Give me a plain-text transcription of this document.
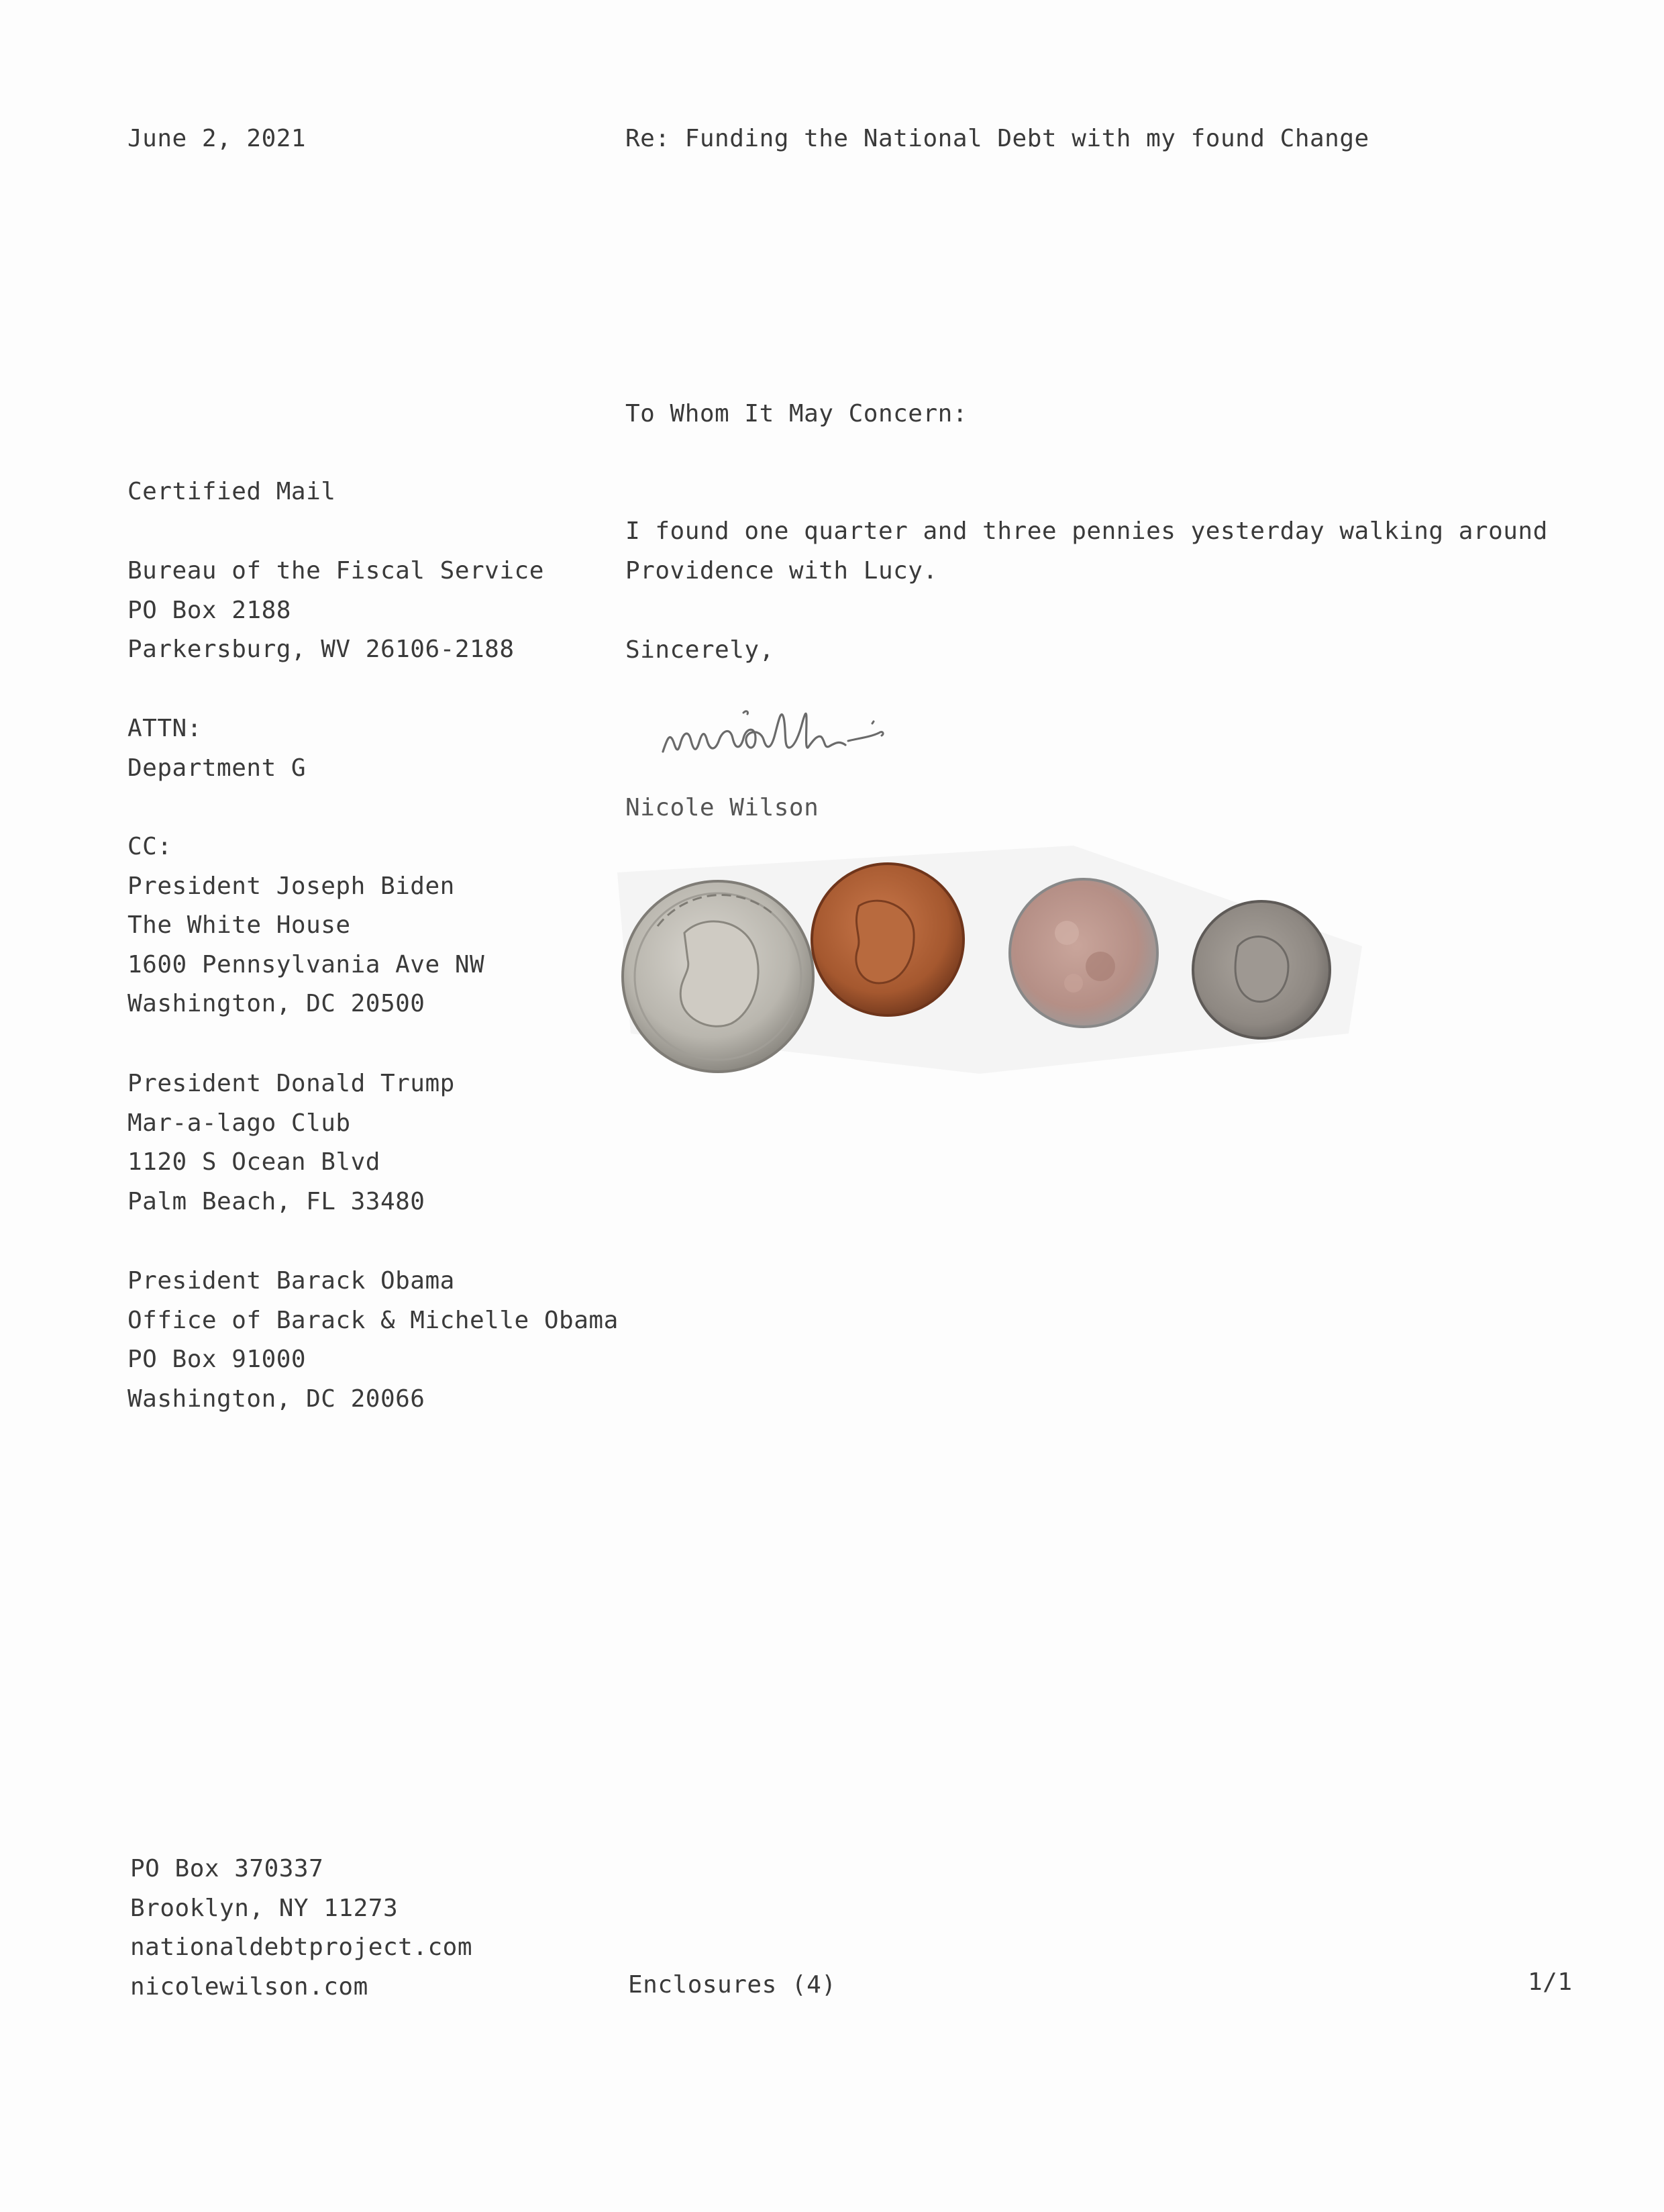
June 2, 2021	Re: Funding the National Debt with my found Change
To Whom It May Concern:
Certified Mail
Bureau of the Fiscal Service
PO Box 2188
Parkersburg, WV 26106-2188
ATTN:
Department G
CC:
President Joseph Biden
The White House
1600 Pennsylvania Ave NW
Washington, DC 20500
President Donald Trump
Mar-a-lago Club
1120 S Ocean Blvd
Palm Beach, FL 33480
President Barack Obama
Office of Barack & Michelle Obama
PO Box 91000
Washington, DC 20066
I found one quarter and three pennies yesterday walking around
Providence with Lucy.
Sincerely,
Nicole Wilson
PO Box 370337
Brooklyn, NY 11273
nationaldebtproject.com
nicolewilson.com	Enclosures (4)	1/1
